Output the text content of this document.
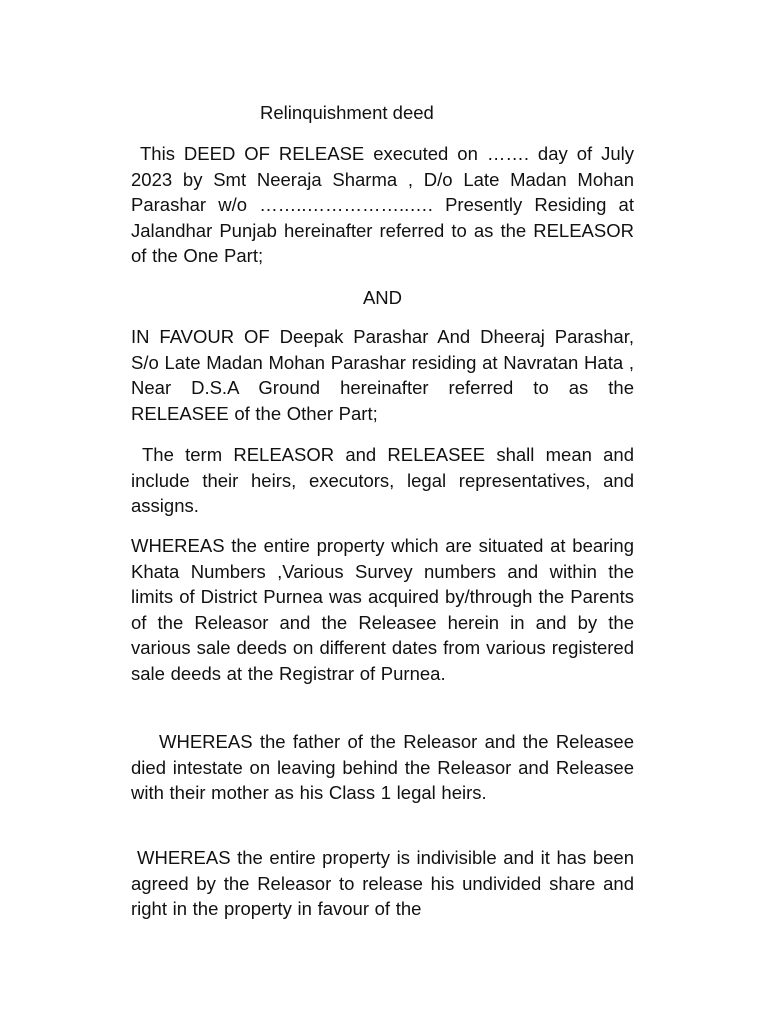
Relinquishment deed

This DEED OF RELEASE executed on ……. day of July 2023 by Smt Neeraja Sharma , D/o Late Madan Mohan Parashar w/o ……..……………..…. Presently Residing at Jalandhar Punjab hereinafter referred to as the RELEASOR of the One Part;

AND

IN FAVOUR OF Deepak Parashar And Dheeraj Parashar, S/o Late Madan Mohan Parashar residing at Navratan Hata , Near D.S.A Ground hereinafter referred to as the RELEASEE of the Other Part;

The term RELEASOR and RELEASEE shall mean and include their heirs, executors, legal representatives, and assigns.

WHEREAS the entire property which are situated at bearing Khata Numbers ,Various Survey numbers and within the limits of District Purnea was acquired by/through the Parents of the Releasor and the Releasee herein in and by the various sale deeds on different dates from various registered sale deeds at the Registrar of Purnea.

WHEREAS the father of the Releasor and the Releasee died intestate on leaving behind the Releasor and Releasee with their mother as his Class 1 legal heirs.

WHEREAS the entire property is indivisible and it has been agreed by the Releasor to release his undivided share and right in the property in favour of the
